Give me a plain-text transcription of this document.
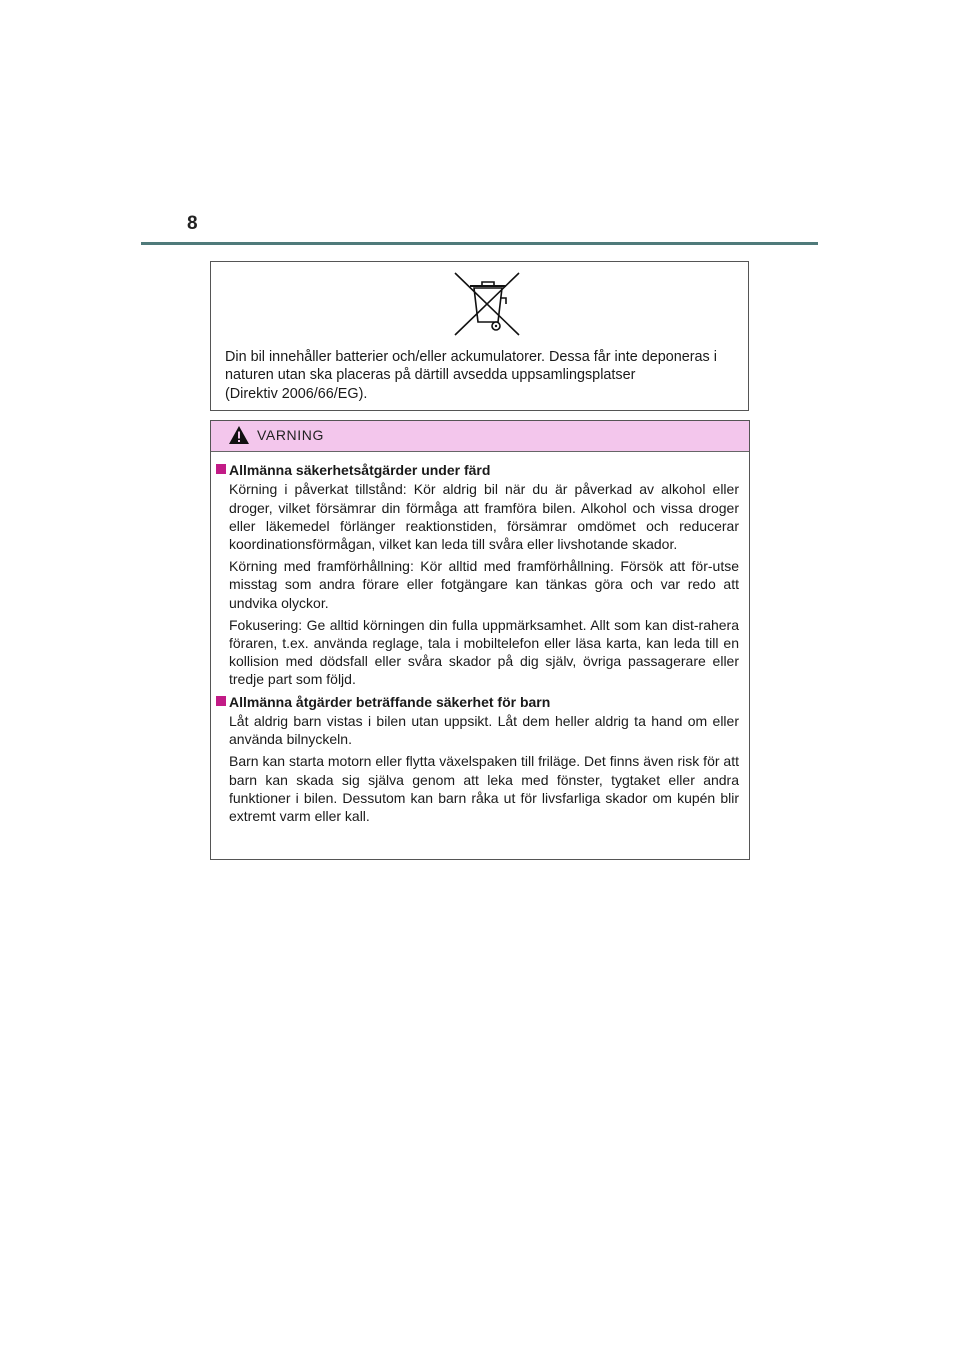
8
Din bil innehåller batterier och/eller ackumulatorer. Dessa får inte deponeras i
naturen utan ska placeras på därtill avsedda uppsamlingsplatser
(Direktiv 2006/66/EG).
VARNING
Allmänna säkerhetsåtgärder under färd

Körning i påverkat tillstånd: Kör aldrig bil när du är påverkad av alkohol eller droger, vilket försämrar din förmåga att framföra bilen. Alkohol och vissa droger eller läkemedel förlänger reaktionstiden, försämrar omdömet och reducerar koordinationsförmågan, vilket kan leda till svåra eller livshotande skador.

Körning med framförhållning: Kör alltid med framförhållning. Försök att för-utse misstag som andra förare eller fotgängare kan tänkas göra och var redo att undvika olyckor.

Fokusering: Ge alltid körningen din fulla uppmärksamhet. Allt som kan dist-rahera föraren, t.ex. använda reglage, tala i mobiltelefon eller läsa karta, kan leda till en kollision med dödsfall eller svåra skador på dig själv, övriga passagerare eller tredje part som följd.

Allmänna åtgärder beträffande säkerhet för barn

Låt aldrig barn vistas i bilen utan uppsikt. Låt dem heller aldrig ta hand om eller använda bilnyckeln.

Barn kan starta motorn eller flytta växelspaken till friläge. Det finns även risk för att barn kan skada sig själva genom att leka med fönster, tygtaket eller andra funktioner i bilen. Dessutom kan barn råka ut för livsfarliga skador om kupén blir extremt varm eller kall.
